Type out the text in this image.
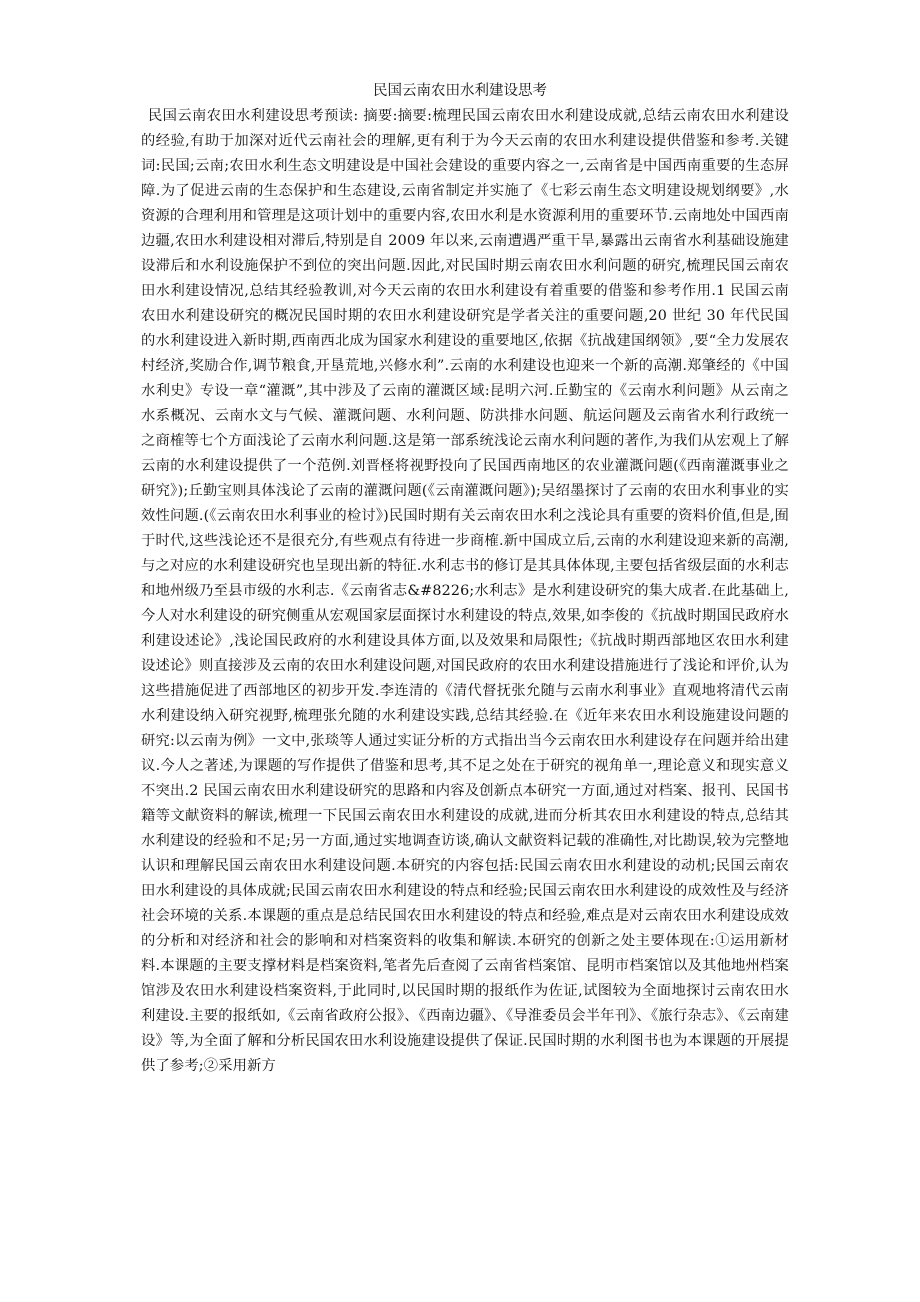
民国云南农田水利建设思考

民国云南农田水利建设思考预读: 摘要:摘要:梳理民国云南农田水利建设成就,总结云南农田水利建设的经验,有助于加深对近代云南社会的理解,更有利于为今天云南的农田水利建设提供借鉴和参考.关键词:民国;云南;农田水利生态文明建设是中国社会建设的重要内容之一,云南省是中国西南重要的生态屏障.为了促进云南的生态保护和生态建设,云南省制定并实施了《七彩云南生态文明建设规划纲要》,水资源的合理利用和管理是这项计划中的重要内容,农田水利是水资源利用的重要环节.云南地处中国西南边疆,农田水利建设相对滞后,特别是自 2009 年以来,云南遭遇严重干旱,暴露出云南省水利基础设施建设滞后和水利设施保护不到位的突出问题.因此,对民国时期云南农田水利问题的研究,梳理民国云南农田水利建设情况,总结其经验教训,对今天云南的农田水利建设有着重要的借鉴和参考作用.1 民国云南农田水利建设研究的概况民国时期的农田水利建设研究是学者关注的重要问题,20 世纪 30 年代民国的水利建设进入新时期,西南西北成为国家水利建设的重要地区,依据《抗战建国纲领》,要“全力发展农村经济,奖励合作,调节粮食,开垦荒地,兴修水利”.云南的水利建设也迎来一个新的高潮.郑肇经的《中国水利史》专设一章“灌溉”,其中涉及了云南的灌溉区域:昆明六河.丘勤宝的《云南水利问题》从云南之水系概况、云南水文与气候、灌溉问题、水利问题、防洪排水问题、航运问题及云南省水利行政统一之商榷等七个方面浅论了云南水利问题.这是第一部系统浅论云南水利问题的著作,为我们从宏观上了解云南的水利建设提供了一个范例.刘晋柽将视野投向了民国西南地区的农业灌溉问题(《西南灌溉事业之研究》);丘勤宝则具体浅论了云南的灌溉问题(《云南灌溉问题》);吴绍墨探讨了云南的农田水利事业的实效性问题.(《云南农田水利事业的检讨》)民国时期有关云南农田水利之浅论具有重要的资料价值,但是,囿于时代,这些浅论还不是很充分,有些观点有待进一步商榷.新中国成立后,云南的水利建设迎来新的高潮,与之对应的水利建设研究也呈现出新的特征.水利志书的修订是其具体体现,主要包括省级层面的水利志和地州级乃至县市级的水利志.《云南省志&#8226;水利志》是水利建设研究的集大成者.在此基础上,今人对水利建设的研究侧重从宏观国家层面探讨水利建设的特点,效果,如李俊的《抗战时期国民政府水利建设述论》,浅论国民政府的水利建设具体方面,以及效果和局限性;《抗战时期西部地区农田水利建设述论》则直接涉及云南的农田水利建设问题,对国民政府的农田水利建设措施进行了浅论和评价,认为这些措施促进了西部地区的初步开发.李连清的《清代督抚张允随与云南水利事业》直观地将清代云南水利建设纳入研究视野,梳理张允随的水利建设实践,总结其经验.在《近年来农田水利设施建设问题的研究:以云南为例》一文中,张琰等人通过实证分析的方式指出当今云南农田水利建设存在问题并给出建议.今人之著述,为课题的写作提供了借鉴和思考,其不足之处在于研究的视角单一,理论意义和现实意义不突出.2 民国云南农田水利建设研究的思路和内容及创新点本研究一方面,通过对档案、报刊、民国书籍等文献资料的解读,梳理一下民国云南农田水利建设的成就,进而分析其农田水利建设的特点,总结其水利建设的经验和不足;另一方面,通过实地调查访谈,确认文献资料记载的准确性,对比勘误,较为完整地认识和理解民国云南农田水利建设问题.本研究的内容包括:民国云南农田水利建设的动机;民国云南农田水利建设的具体成就;民国云南农田水利建设的特点和经验;民国云南农田水利建设的成效性及与经济社会环境的关系.本课题的重点是总结民国农田水利建设的特点和经验,难点是对云南农田水利建设成效的分析和对经济和社会的影响和对档案资料的收集和解读.本研究的创新之处主要体现在:①运用新材料.本课题的主要支撑材料是档案资料,笔者先后查阅了云南省档案馆、昆明市档案馆以及其他地州档案馆涉及农田水利建设档案资料,于此同时,以民国时期的报纸作为佐证,试图较为全面地探讨云南农田水利建设.主要的报纸如,《云南省政府公报》、《西南边疆》、《导淮委员会半年刊》、《旅行杂志》、《云南建设》等,为全面了解和分析民国农田水利设施建设提供了保证.民国时期的水利图书也为本课题的开展提供了参考;②采用新方
